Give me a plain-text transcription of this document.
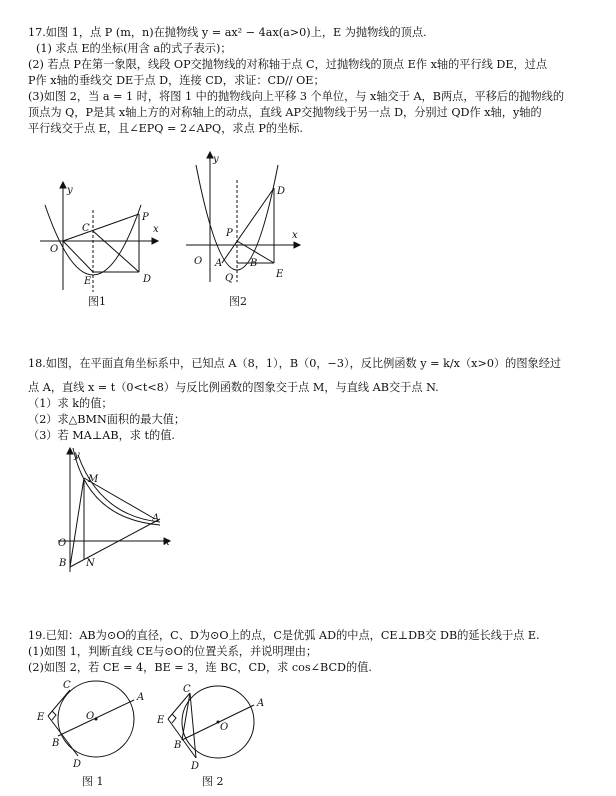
17.如图 1，点 P (m，n)在抛物线 y = ax² − 4ax(a>0)上，E 为抛物线的顶点.
(1) 求点 E的坐标(用含 a的式子表示)；
(2) 若点 P在第一象限，线段 OP交抛物线的对称轴于点 C，过抛物线的顶点 E作 x轴的平行线 DE，过点
P作 x轴的垂线交 DE于点 D，连接 CD，求证：CD// OE；
(3)如图 2，当 a = 1 时，将图 1 中的抛物线向上平移 3 个单位，与 x轴交于 A，B两点，平移后的抛物线的
顶点为 Q，P是其 x轴上方的对称轴上的动点，直线 AP交抛物线于另一点 D，分别过 QD作 x轴，y轴的
平行线交于点 E，且∠EPQ = 2∠APQ，求点 P的坐标.
y
x
O
C
P
E	D
图1
y
x
O A	B
P
Q
D
E
图2
18.如图，在平面直角坐标系中，已知点 A（8，1），B（0，−3），反比例函数 y = k/x（x>0）的图象经过
点 A，直线 x = t（0<t<8）与反比例函数的图象交于点 M，与直线 AB交于点 N.
（1）求 k的值；
（2）求△BMN面积的最大值；
（3）若 MA⊥AB，求 t的值.
y
x
O
M
A
B N
19.已知：AB为⊙O的直径，C、D为⊙O上的点，C是优弧 AD的中点，CE⊥DB交 DB的延长线于点 E.
(1)如图 1，判断直线 CE与⊙O的位置关系，并说明理由；
(2)如图 2，若 CE = 4，BE = 3，连 BC，CD，求 cos∠BCD的值.
C
A
E	O
B
D
图 1
C
A
E
O
B
D
图 2
